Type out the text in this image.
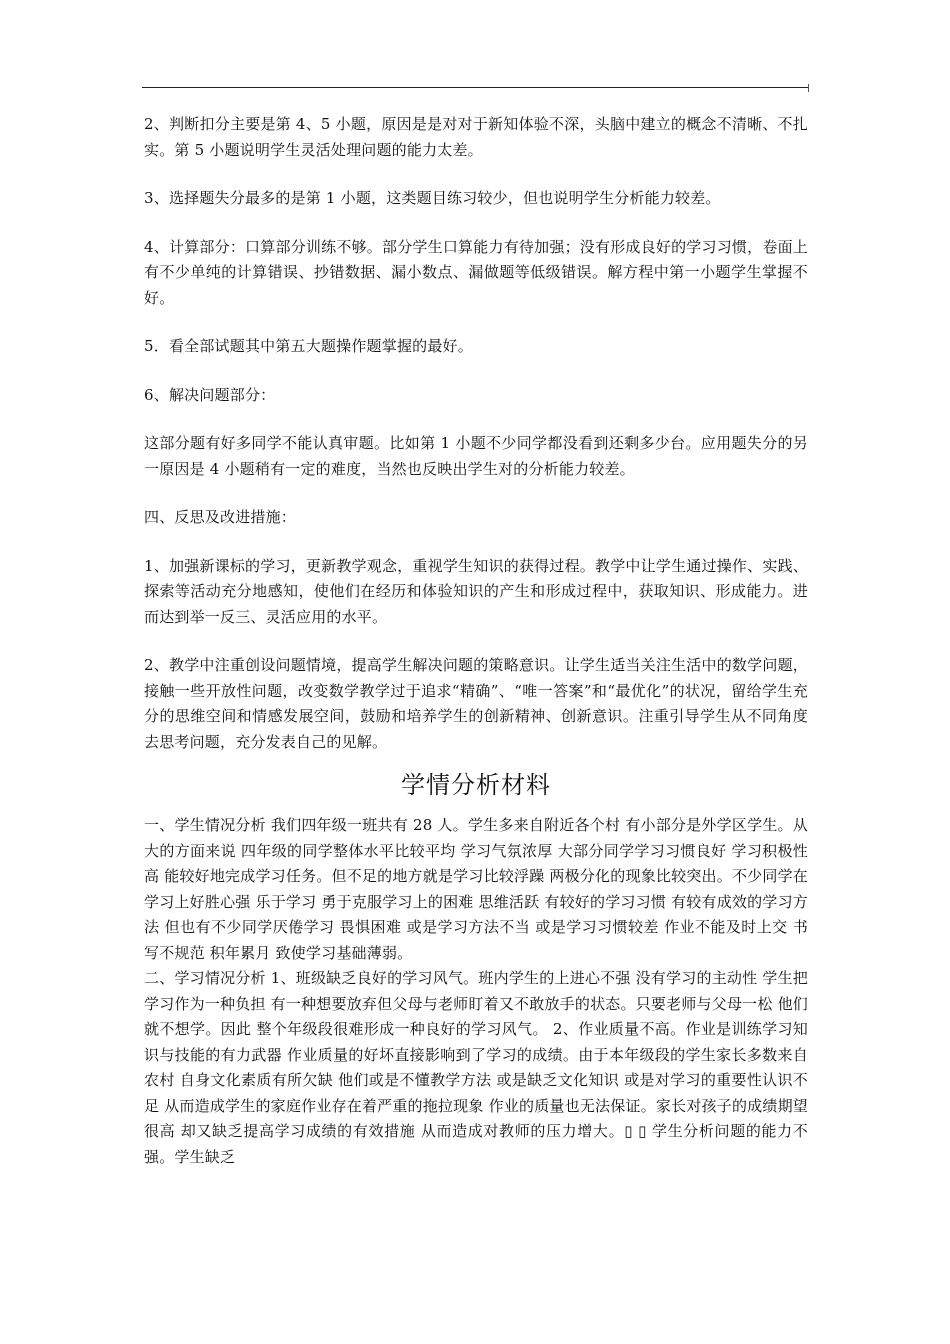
2、判断扣分主要是第 4、5 小题，原因是是对对于新知体验不深，头脑中建立的概念不清晰、不扎实。第 5 小题说明学生灵活处理问题的能力太差。

3、选择题失分最多的是第 1 小题，这类题目练习较少，但也说明学生分析能力较差。

4、计算部分：口算部分训练不够。部分学生口算能力有待加强；没有形成良好的学习习惯，卷面上有不少单纯的计算错误、抄错数据、漏小数点、漏做题等低级错误。解方程中第一小题学生掌握不好。

5．看全部试题其中第五大题操作题掌握的最好。

6、解决问题部分：

这部分题有好多同学不能认真审题。比如第 1 小题不少同学都没看到还剩多少台。应用题失分的另一原因是 4 小题稍有一定的难度，当然也反映出学生对的分析能力较差。

四、反思及改进措施：

1、加强新课标的学习，更新教学观念，重视学生知识的获得过程。教学中让学生通过操作、实践、探索等活动充分地感知，使他们在经历和体验知识的产生和形成过程中，获取知识、形成能力。进而达到举一反三、灵活应用的水平。

2、教学中注重创设问题情境，提高学生解决问题的策略意识。让学生适当关注生活中的数学问题，接触一些开放性问题，改变数学教学过于追求“精确”、“唯一答案”和“最优化”的状况，留给学生充分的思维空间和情感发展空间，鼓励和培养学生的创新精神、创新意识。注重引导学生从不同角度去思考问题，充分发表自己的见解。

学情分析材料

一、学生情况分析 我们四年级一班共有 28 人。学生多来自附近各个村 有小部分是外学区学生。从大的方面来说 四年级的同学整体水平比较平均 学习气氛浓厚 大部分同学学习习惯良好 学习积极性高 能较好地完成学习任务。但不足的地方就是学习比较浮躁 两极分化的现象比较突出。不少同学在学习上好胜心强 乐于学习 勇于克服学习上的困难 思维活跃 有较好的学习习惯 有较有成效的学习方法 但也有不少同学厌倦学习 畏惧困难 或是学习方法不当 或是学习习惯较差 作业不能及时上交 书写不规范 积年累月 致使学习基础薄弱。

二、学习情况分析 1、班级缺乏良好的学习风气。班内学生的上进心不强 没有学习的主动性 学生把学习作为一种负担 有一种想要放弃但父母与老师盯着又不敢放手的状态。只要老师与父母一松 他们就不想学。因此 整个年级段很难形成一种良好的学习风气。 2、作业质量不高。作业是训练学习知识与技能的有力武器 作业质量的好坏直接影响到了学习的成绩。由于本年级段的学生家长多数来自农村 自身文化素质有所欠缺 他们或是不懂教学方法 或是缺乏文化知识 或是对学习的重要性认识不足 从而造成学生的家庭作业存在着严重的拖拉现象 作业的质量也无法保证。家长对孩子的成绩期望很高 却又缺乏提高学习成绩的有效措施 从而造成对教师的压力增大。▯ ▯ 学生分析问题的能力不强。学生缺乏
